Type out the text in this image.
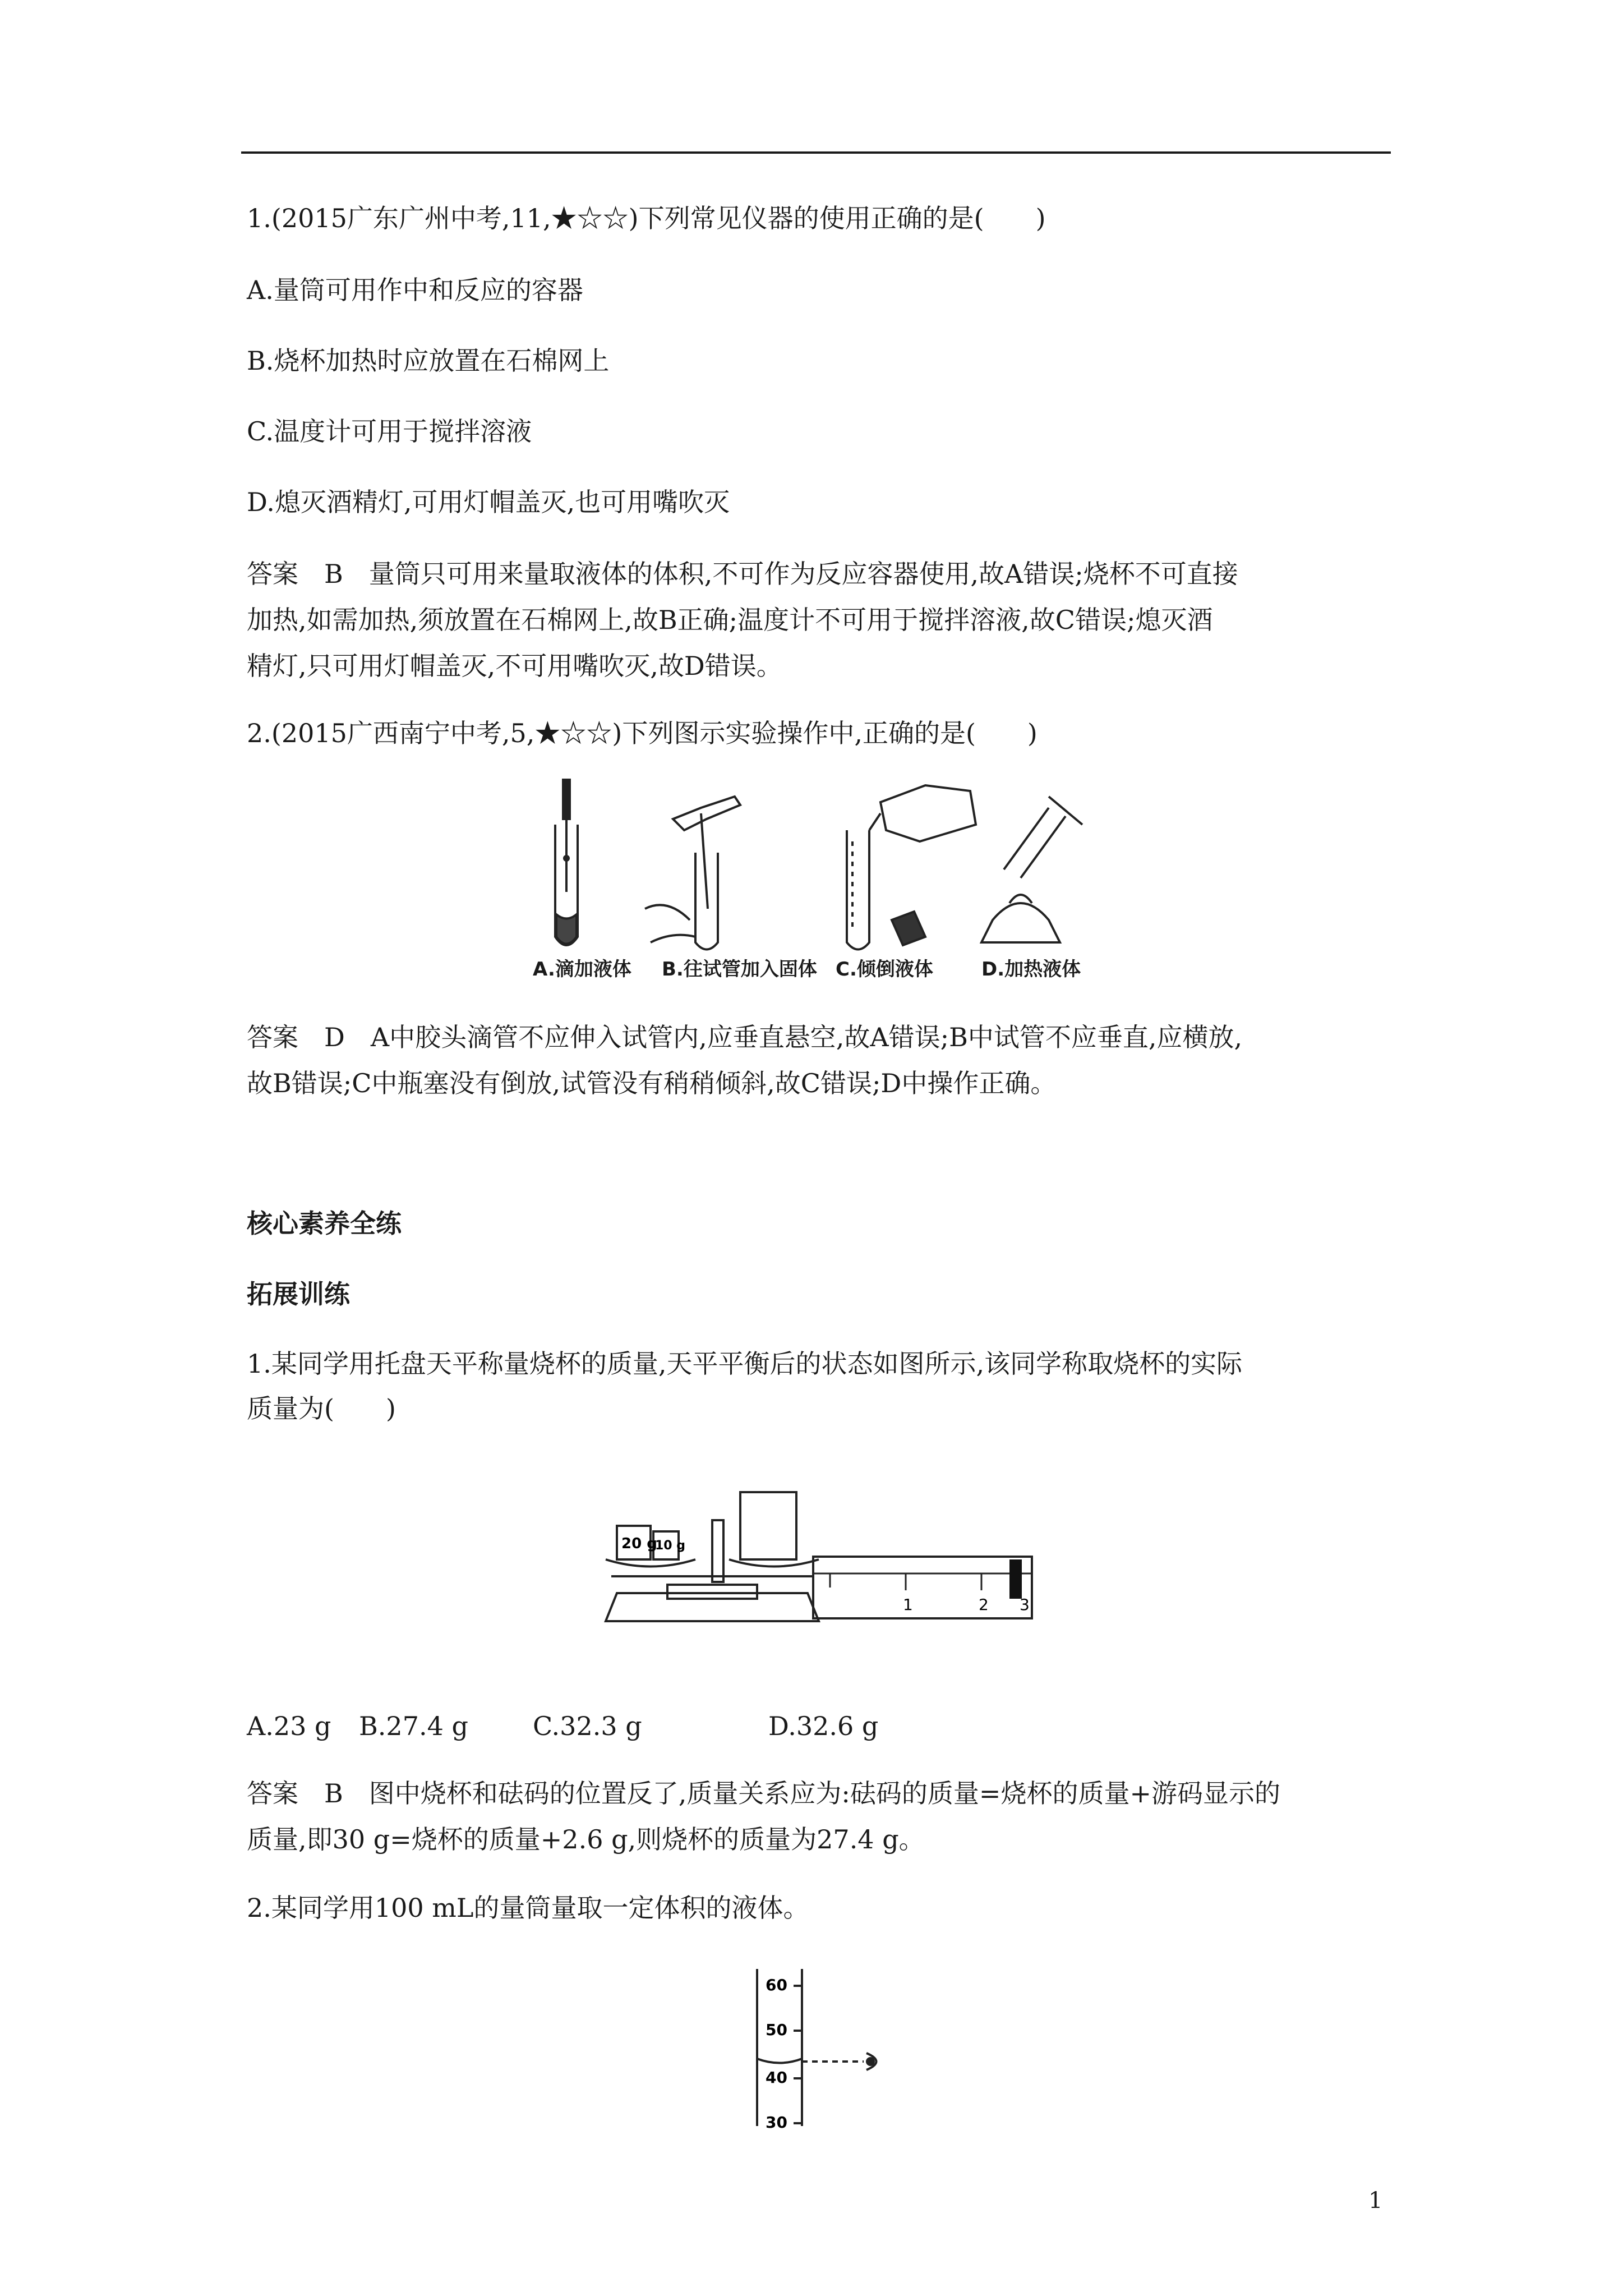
1.(2015广东广州中考,11,★☆☆)下列常见仪器的使用正确的是(　　)
A.量筒可用作中和反应的容器
B.烧杯加热时应放置在石棉网上
C.温度计可用于搅拌溶液
D.熄灭酒精灯,可用灯帽盖灭,也可用嘴吹灭
答案　B　量筒只可用来量取液体的体积,不可作为反应容器使用,故A错误;烧杯不可直接
加热,如需加热,须放置在石棉网上,故B正确;温度计不可用于搅拌溶液,故C错误;熄灭酒
精灯,只可用灯帽盖灭,不可用嘴吹灭,故D错误。
2.(2015广西南宁中考,5,★☆☆)下列图示实验操作中,正确的是(　　)
A.滴加液体 B.往试管加入固体 C.倾倒液体	D.加热液体
答案　D　A中胶头滴管不应伸入试管内,应垂直悬空,故A错误;B中试管不应垂直,应横放,
故B错误;C中瓶塞没有倒放,试管没有稍稍倾斜,故C错误;D中操作正确。
核心素养全练
拓展训练
1.某同学用托盘天平称量烧杯的质量,天平平衡后的状态如图所示,该同学称取烧杯的实际
质量为(　　)
20 g
10 g
1	2 3
A.23 g B.27.4 g	C.32.3 g	D.32.6 g
答案　B　图中烧杯和砝码的位置反了,质量关系应为:砝码的质量=烧杯的质量+游码显示的
质量,即30 g=烧杯的质量+2.6 g,则烧杯的质量为27.4 g。
2.某同学用100 mL的量筒量取一定体积的液体。
60
50
40
30
1
